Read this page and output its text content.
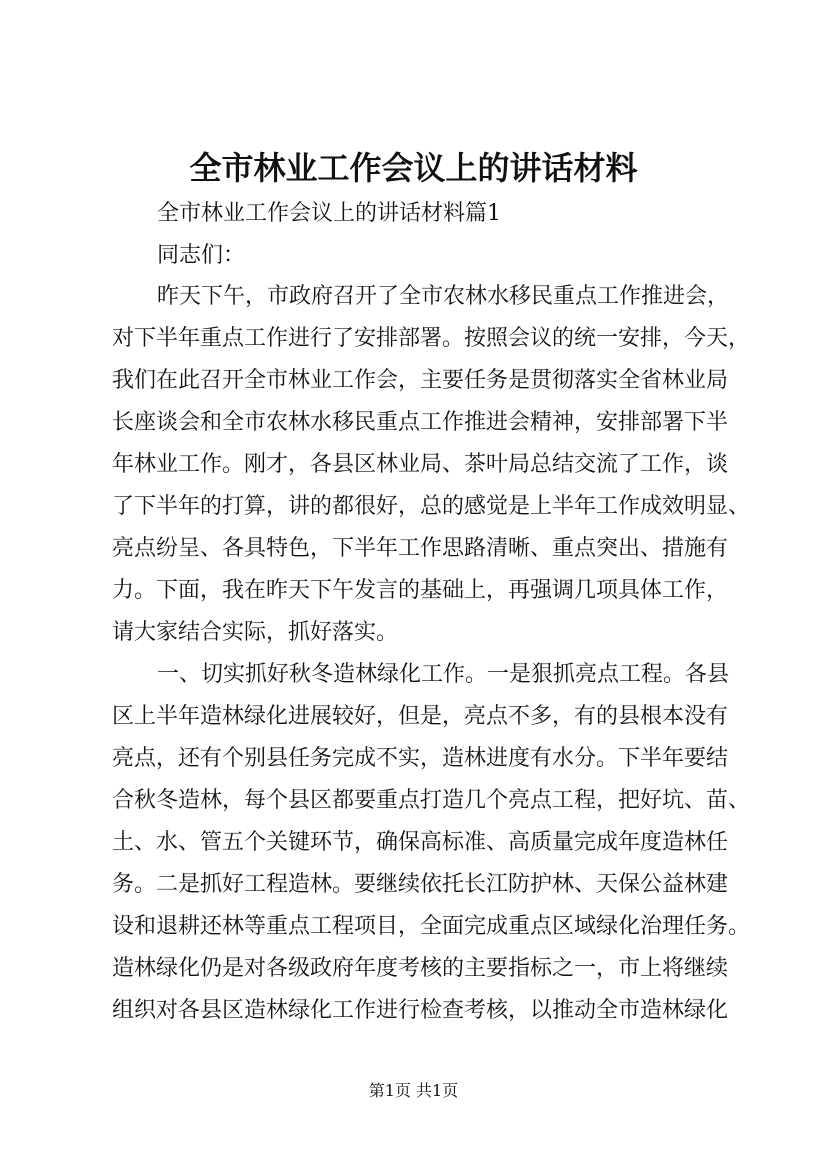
全市林业工作会议上的讲话材料
全市林业工作会议上的讲话材料篇1
同志们：
昨天下午，市政府召开了全市农林水移民重点工作推进会，
对下半年重点工作进行了安排部署。按照会议的统一安排，今天，
我们在此召开全市林业工作会，主要任务是贯彻落实全省林业局
长座谈会和全市农林水移民重点工作推进会精神，安排部署下半
年林业工作。刚才，各县区林业局、茶叶局总结交流了工作，谈
了下半年的打算，讲的都很好，总的感觉是上半年工作成效明显、
亮点纷呈、各具特色，下半年工作思路清晰、重点突出、措施有
力。下面，我在昨天下午发言的基础上，再强调几项具体工作，
请大家结合实际，抓好落实。
一、切实抓好秋冬造林绿化工作。一是狠抓亮点工程。各县
区上半年造林绿化进展较好，但是，亮点不多，有的县根本没有
亮点，还有个别县任务完成不实，造林进度有水分。下半年要结
合秋冬造林，每个县区都要重点打造几个亮点工程，把好坑、苗、
土、水、管五个关键环节，确保高标准、高质量完成年度造林任
务。二是抓好工程造林。要继续依托长江防护林、天保公益林建
设和退耕还林等重点工程项目，全面完成重点区域绿化治理任务。
造林绿化仍是对各级政府年度考核的主要指标之一，市上将继续
组织对各县区造林绿化工作进行检查考核，以推动全市造林绿化
第1页 共1页
